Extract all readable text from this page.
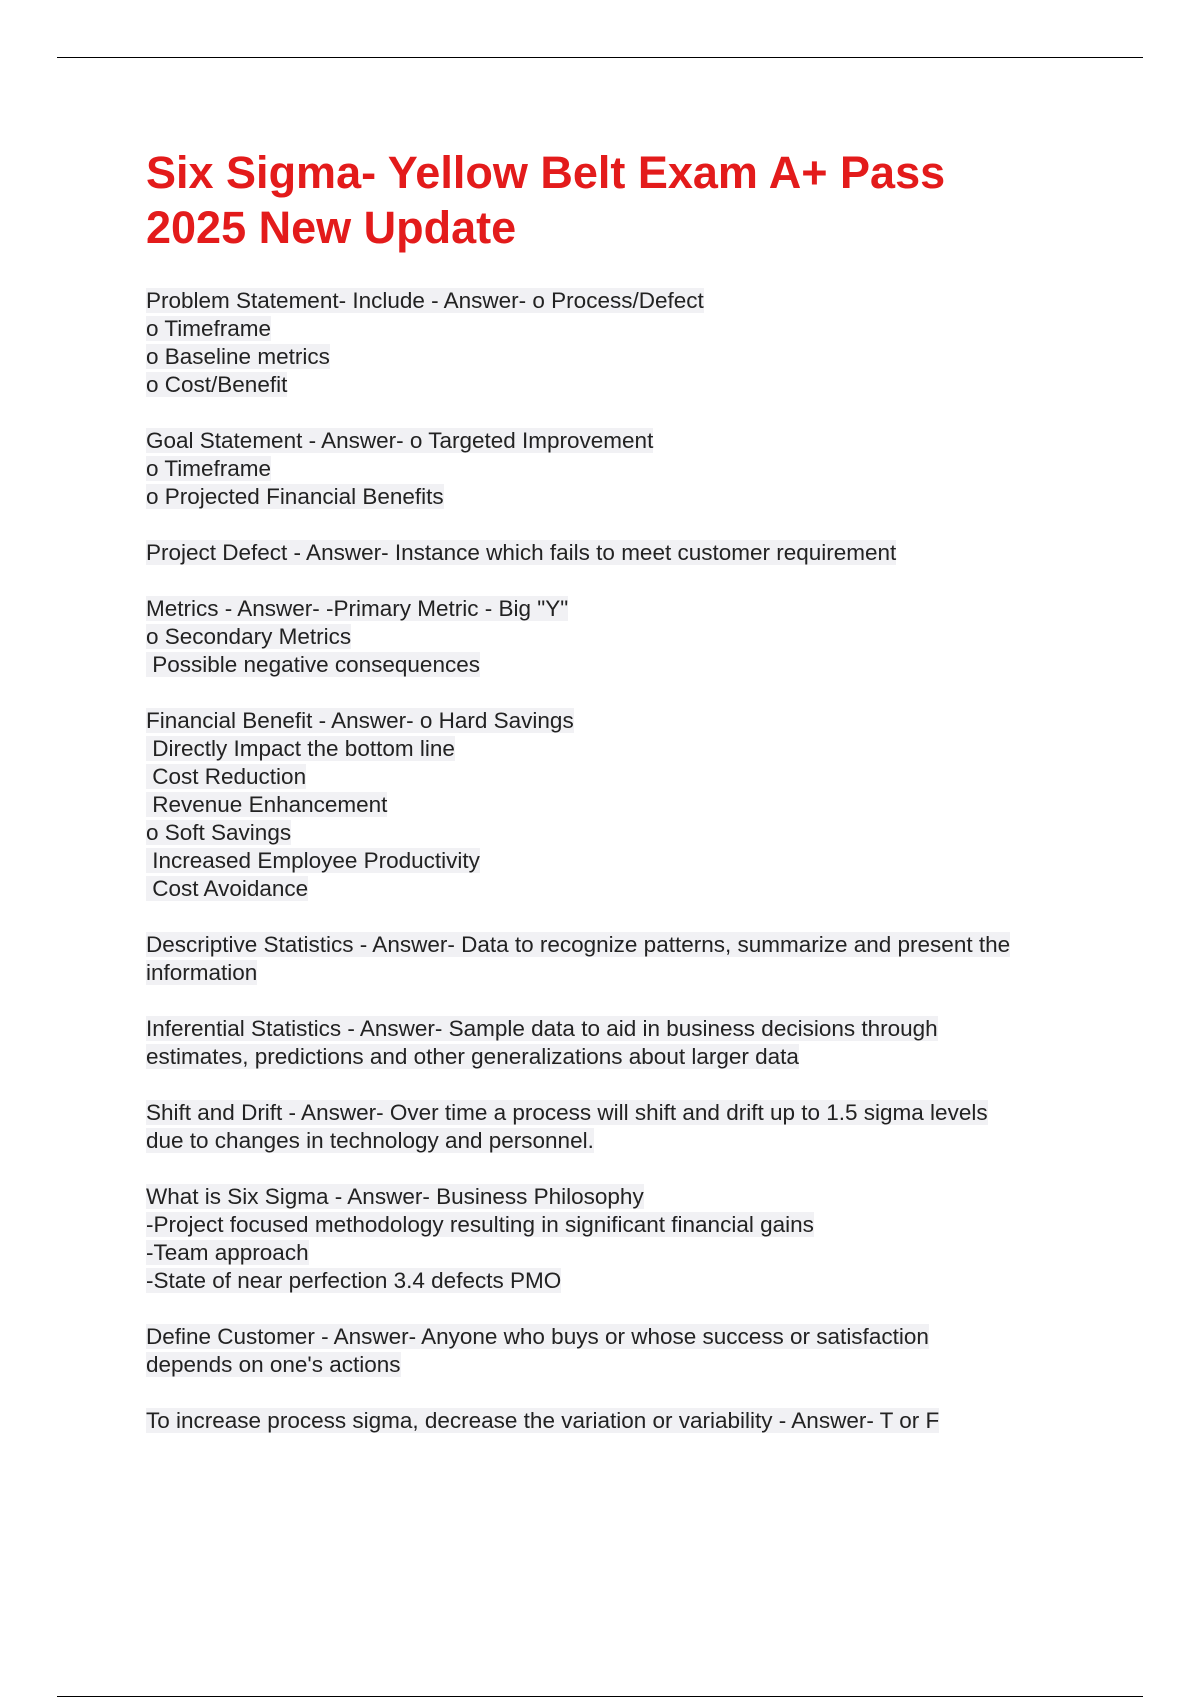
Six Sigma- Yellow Belt Exam A+ Pass
2025 New Update
Problem Statement- Include - Answer- o Process/Defect
o Timeframe
o Baseline metrics
o Cost/Benefit
Goal Statement - Answer- o Targeted Improvement
o Timeframe
o Projected Financial Benefits
Project Defect - Answer- Instance which fails to meet customer requirement
Metrics - Answer- -Primary Metric - Big "Y"
o Secondary Metrics
Possible negative consequences
Financial Benefit - Answer- o Hard Savings
Directly Impact the bottom line
Cost Reduction
Revenue Enhancement
o Soft Savings
Increased Employee Productivity
Cost Avoidance
Descriptive Statistics - Answer- Data to recognize patterns, summarize and present the
information
Inferential Statistics - Answer- Sample data to aid in business decisions through
estimates, predictions and other generalizations about larger data
Shift and Drift - Answer- Over time a process will shift and drift up to 1.5 sigma levels
due to changes in technology and personnel.
What is Six Sigma - Answer- Business Philosophy
-Project focused methodology resulting in significant financial gains
-Team approach
-State of near perfection 3.4 defects PMO
Define Customer - Answer- Anyone who buys or whose success or satisfaction
depends on one's actions
To increase process sigma, decrease the variation or variability - Answer- T or F
